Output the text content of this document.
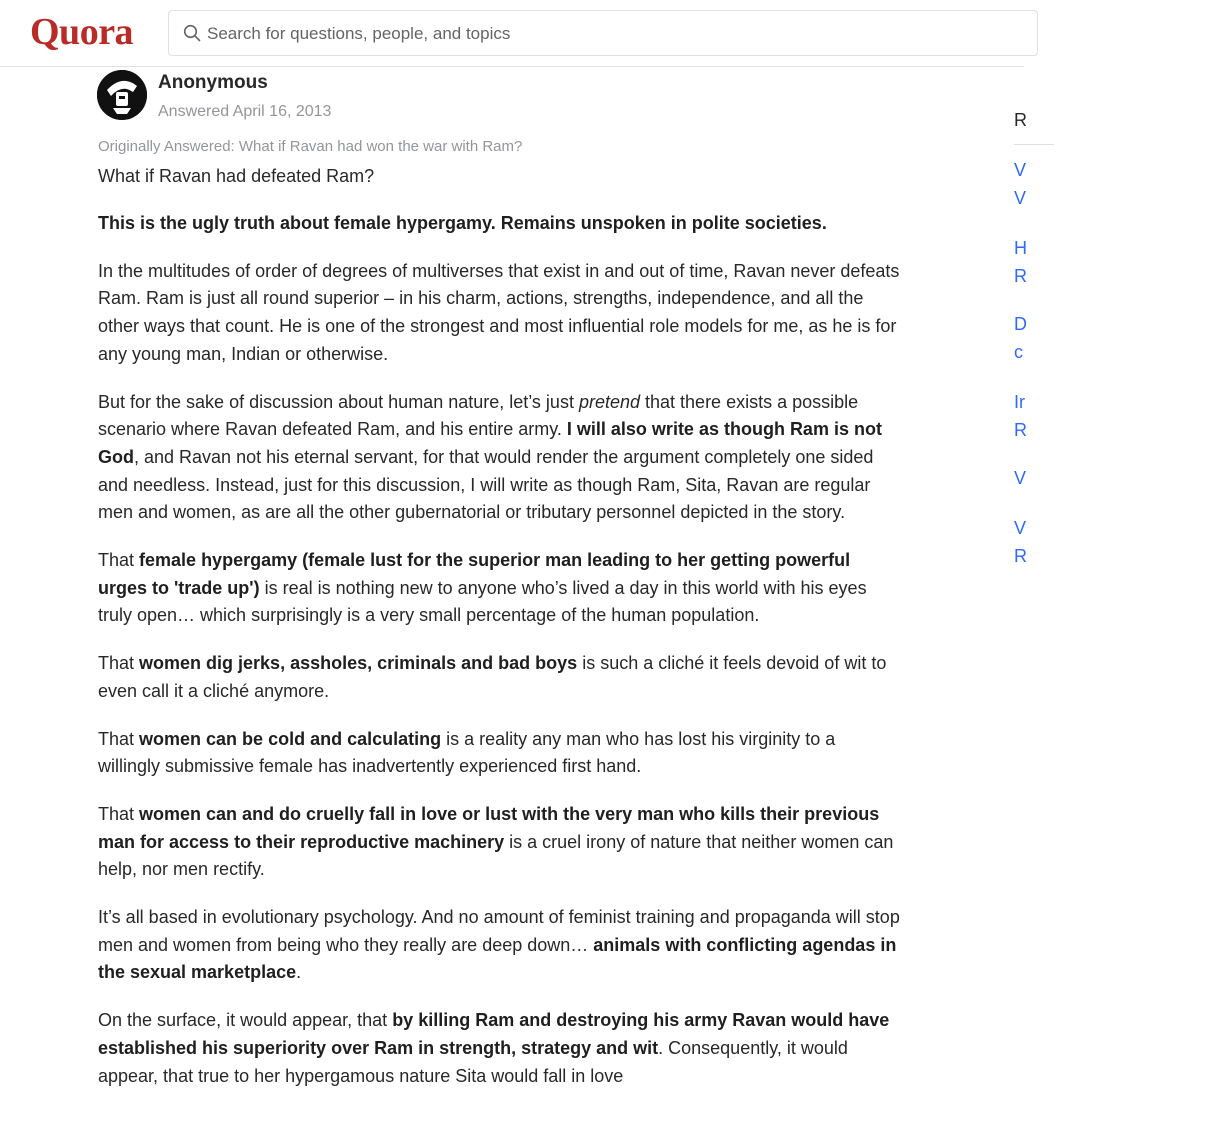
Quora
Search for questions, people, and topics
Anonymous
Answered April 16, 2013
Originally Answered: What if Ravan had won the war with Ram?
What if Ravan had defeated Ram?

This is the ugly truth about female hypergamy. Remains unspoken in polite societies.

In the multitudes of order of degrees of multiverses that exist in and out of time, Ravan never defeats Ram. Ram is just all round superior – in his charm, actions, strengths, independence, and all the other ways that count. He is one of the strongest and most influential role models for me, as he is for any young man, Indian or otherwise.

But for the sake of discussion about human nature, let’s just pretend that there exists a possible scenario where Ravan defeated Ram, and his entire army. I will also write as though Ram is not God, and Ravan not his eternal servant, for that would render the argument completely one sided and needless. Instead, just for this discussion, I will write as though Ram, Sita, Ravan are regular men and women, as are all the other gubernatorial or tributary personnel depicted in the story.

That female hypergamy (female lust for the superior man leading to her getting powerful urges to 'trade up') is real is nothing new to anyone who’s lived a day in this world with his eyes truly open… which surprisingly is a very small percentage of the human population.

That women dig jerks, assholes, criminals and bad boys is such a cliché it feels devoid of wit to even call it a cliché anymore.

That women can be cold and calculating is a reality any man who has lost his virginity to a willingly submissive female has inadvertently experienced first hand.

That women can and do cruelly fall in love or lust with the very man who kills their previous man for access to their reproductive machinery is a cruel irony of nature that neither women can help, nor men rectify.

It’s all based in evolutionary psychology. And no amount of feminist training and propaganda will stop men and women from being who they really are deep down… animals with conflicting agendas in the sexual marketplace.

On the surface, it would appear, that by killing Ram and destroying his army Ravan would have established his superiority over Ram in strength, strategy and wit. Consequently, it would appear, that true to her hypergamous nature Sita would fall in love

R
V
V
H
R
D
c
Ir
R
V
V
R
